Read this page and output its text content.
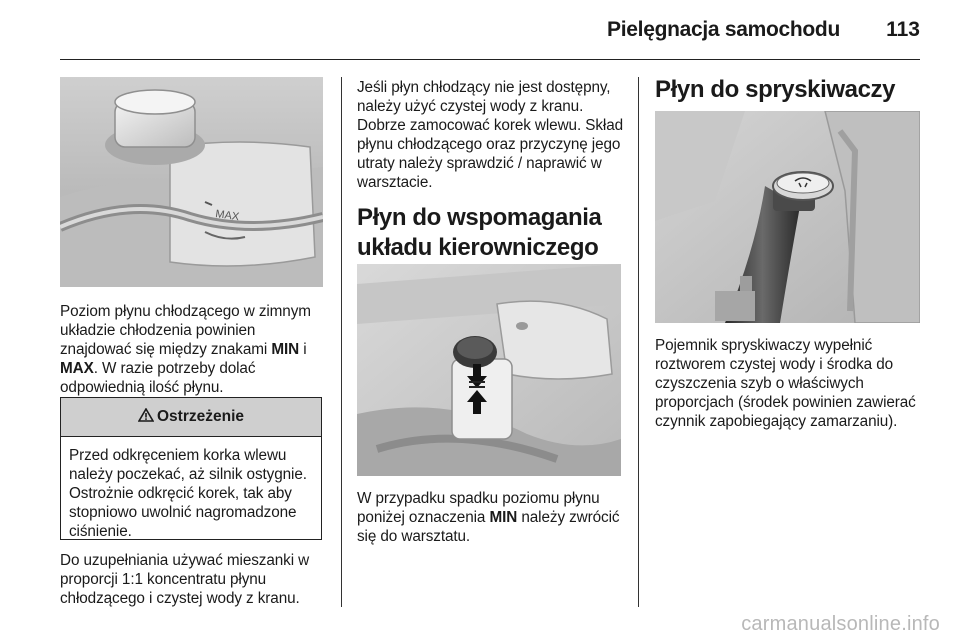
Pielęgnacja samochodu	113
MAX
Poziom płynu chłodzącego w zimnym układzie chłodzenia powinien znajdować się między znakami MIN i MAX. W razie potrzeby dolać odpowiednią ilość płynu.
Ostrzeżenie
Przed odkręceniem korka wlewu należy poczekać, aż silnik ostygnie. Ostrożnie odkręcić korek, tak aby stopniowo uwolnić nagromadzone ciśnienie.
Do uzupełniania używać mieszanki w proporcji 1:1 koncentratu płynu chłodzącego i czystej wody z kranu.
Jeśli płyn chłodzący nie jest dostępny, należy użyć czystej wody z kranu. Dobrze zamocować korek wlewu. Skład płynu chłodzącego oraz przyczynę jego utraty należy sprawdzić / naprawić w warsztacie.
Płyn do wspomagania układu kierowniczego
W przypadku spadku poziomu płynu poniżej oznaczenia MIN należy zwrócić się do warsztatu.
Płyn do spryskiwaczy
Pojemnik spryskiwaczy wypełnić roztworem czystej wody i środka do czyszczenia szyb o właściwych proporcjach (środek powinien zawierać czynnik zapobiegający zamarzaniu).
carmanualsonline.info
